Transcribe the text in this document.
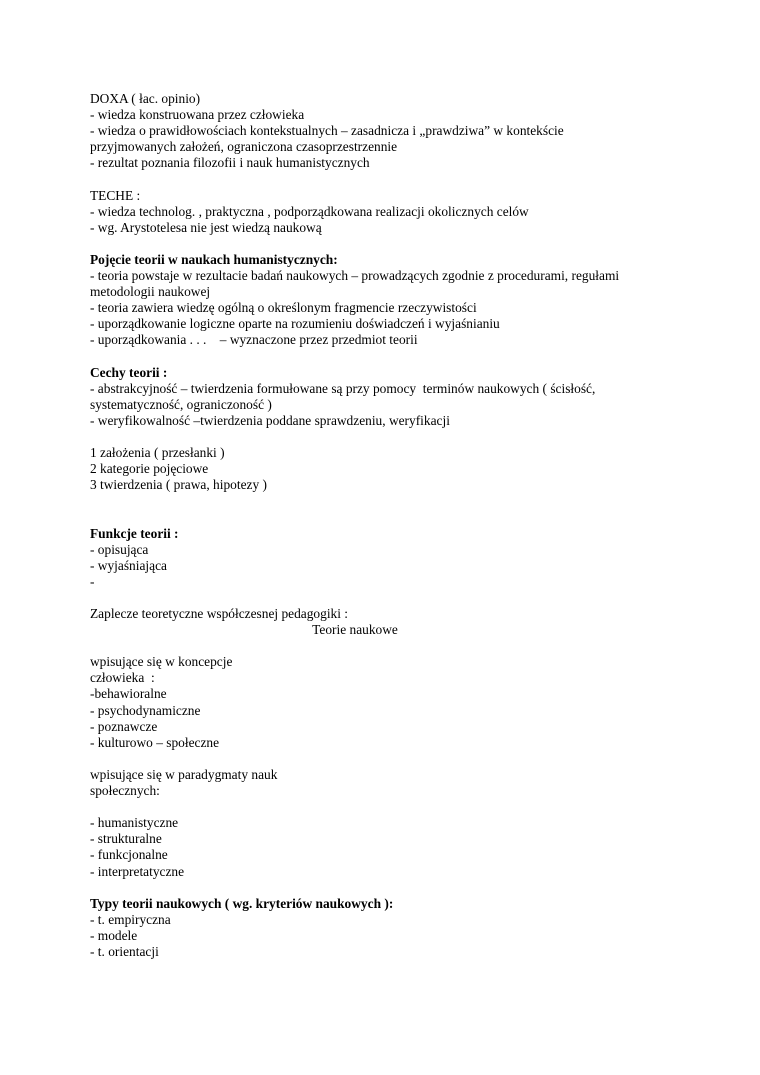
DOXA ( łac. opinio)
- wiedza konstruowana przez człowieka
- wiedza o prawidłowościach kontekstualnych – zasadnicza i „prawdziwa” w kontekście
przyjmowanych założeń, ograniczona czasoprzestrzennie
- rezultat poznania filozofii i nauk humanistycznych
TECHE :
- wiedza technolog. , praktyczna , podporządkowana realizacji okolicznych celów
- wg. Arystotelesa nie jest wiedzą naukową
Pojęcie teorii w naukach humanistycznych:
- teoria powstaje w rezultacie badań naukowych – prowadzących zgodnie z procedurami, regułami
metodologii naukowej
- teoria zawiera wiedzę ogólną o określonym fragmencie rzeczywistości
- uporządkowanie logiczne oparte na rozumieniu doświadczeń i wyjaśnianiu
- uporządkowania . . .    – wyznaczone przez przedmiot teorii
Cechy teorii :
- abstrakcyjność – twierdzenia formułowane są przy pomocy  terminów naukowych ( ścisłość,
systematyczność, ograniczoność )
- weryfikowalność –twierdzenia poddane sprawdzeniu, weryfikacji
1 założenia ( przesłanki )
2 kategorie pojęciowe
3 twierdzenia ( prawa, hipotezy )
Funkcje teorii :
- opisująca
- wyjaśniająca
-
Zaplecze teoretyczne współczesnej pedagogiki :
Teorie naukowe
wpisujące się w koncepcje
człowieka  :
-behawioralne
- psychodynamiczne
- poznawcze
- kulturowo – społeczne
wpisujące się w paradygmaty nauk
społecznych:
- humanistyczne
- strukturalne
- funkcjonalne
- interpretatyczne
Typy teorii naukowych ( wg. kryteriów naukowych ):
- t. empiryczna
- modele
- t. orientacji
